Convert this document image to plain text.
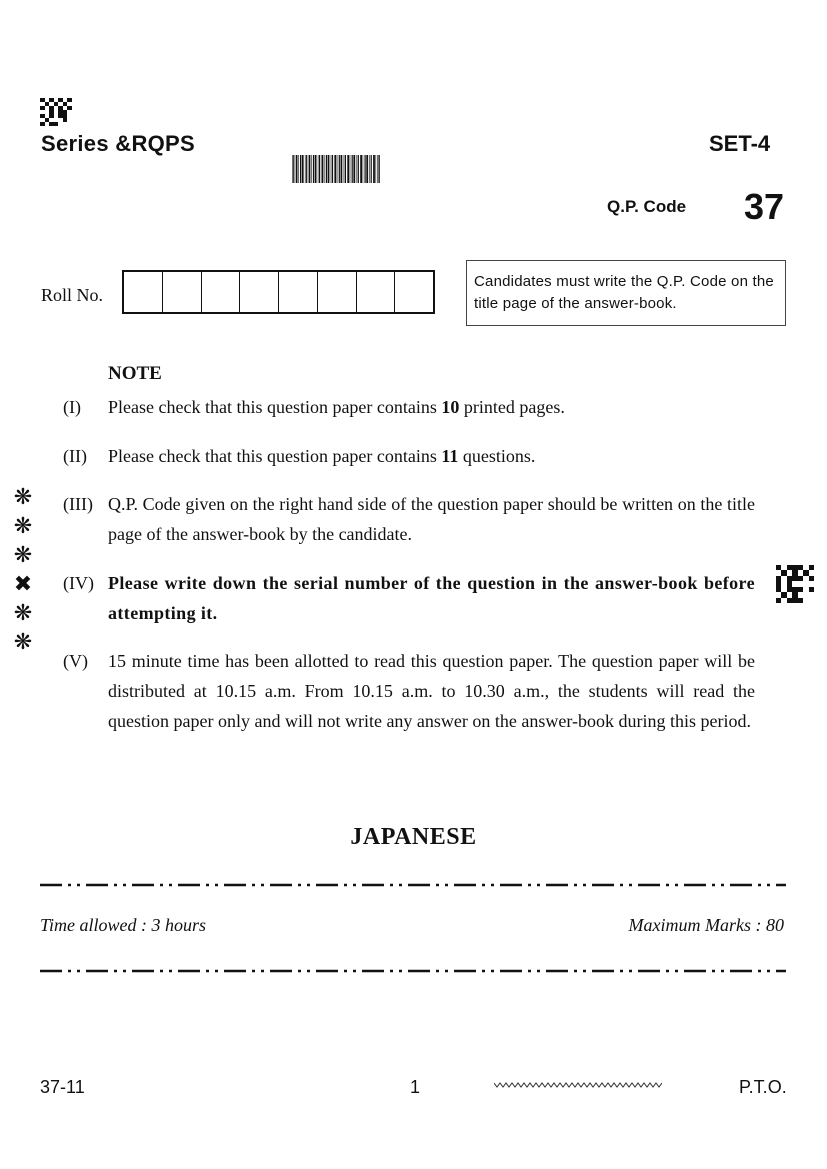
Series &RQPS	SET-4
Q.P. Code 37
Roll No.
Candidates must write the Q.P. Code on the title page of the answer-book.
NOTE
(I) Please check that this question paper contains 10 printed pages.
(II) Please check that this question paper contains 11 questions.
(III) Q.P. Code given on the right hand side of the question paper should be written on the title page of the answer-book by the candidate.
(IV) Please write down the serial number of the question in the answer-book before attempting it.
(V) 15 minute time has been allotted to read this question paper. The question paper will be distributed at 10.15 a.m. From 10.15 a.m. to 10.30 a.m., the students will read the question paper only and will not write any answer on the answer-book during this period.
❋
❋
❋
✖
❋
❋
JAPANESE
Time allowed : 3 hours	Maximum Marks : 80
37-11	1	P.T.O.
